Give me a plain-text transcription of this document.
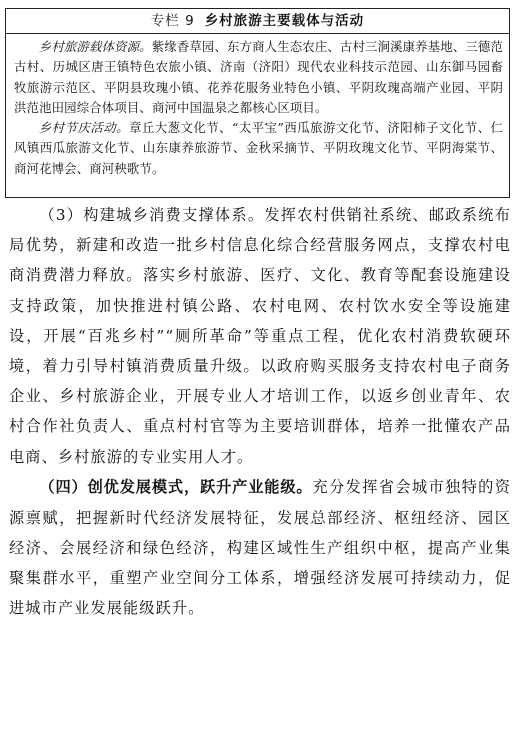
专栏 9 乡村旅游主要载体与活动

乡村旅游载体资源。紫缘香草园、东方商人生态农庄、古村三涧溪康养基地、三德范古村、历城区唐王镇特色农旅小镇、济南（济阳）现代农业科技示范园、山东御马园畜牧旅游示范区、平阴县玫瑰小镇、花养花服务业特色小镇、平阴玫瑰高端产业园、平阴洪范池田园综合体项目、商河中国温泉之都核心区项目。

乡村节庆活动。章丘大葱文化节、“太平宝”西瓜旅游文化节、济阳柿子文化节、仁风镇西瓜旅游文化节、山东康养旅游节、金秋采摘节、平阴玫瑰文化节、平阴海棠节、商河花博会、商河秧歌节。

（3）构建城乡消费支撑体系。发挥农村供销社系统、邮政系统布局优势，新建和改造一批乡村信息化综合经营服务网点，支撑农村电商消费潜力释放。落实乡村旅游、医疗、文化、教育等配套设施建设支持政策，加快推进村镇公路、农村电网、农村饮水安全等设施建设，开展“百兆乡村”“厕所革命”等重点工程，优化农村消费软硬环境，着力引导村镇消费质量升级。以政府购买服务支持农村电子商务企业、乡村旅游企业，开展专业人才培训工作，以返乡创业青年、农村合作社负责人、重点村村官等为主要培训群体，培养一批懂农产品电商、乡村旅游的专业实用人才。

（四）创优发展模式，跃升产业能级。充分发挥省会城市独特的资源禀赋，把握新时代经济发展特征，发展总部经济、枢纽经济、园区经济、会展经济和绿色经济，构建区域性生产组织中枢，提高产业集聚集群水平，重塑产业空间分工体系，增强经济发展可持续动力，促进城市产业发展能级跃升。
